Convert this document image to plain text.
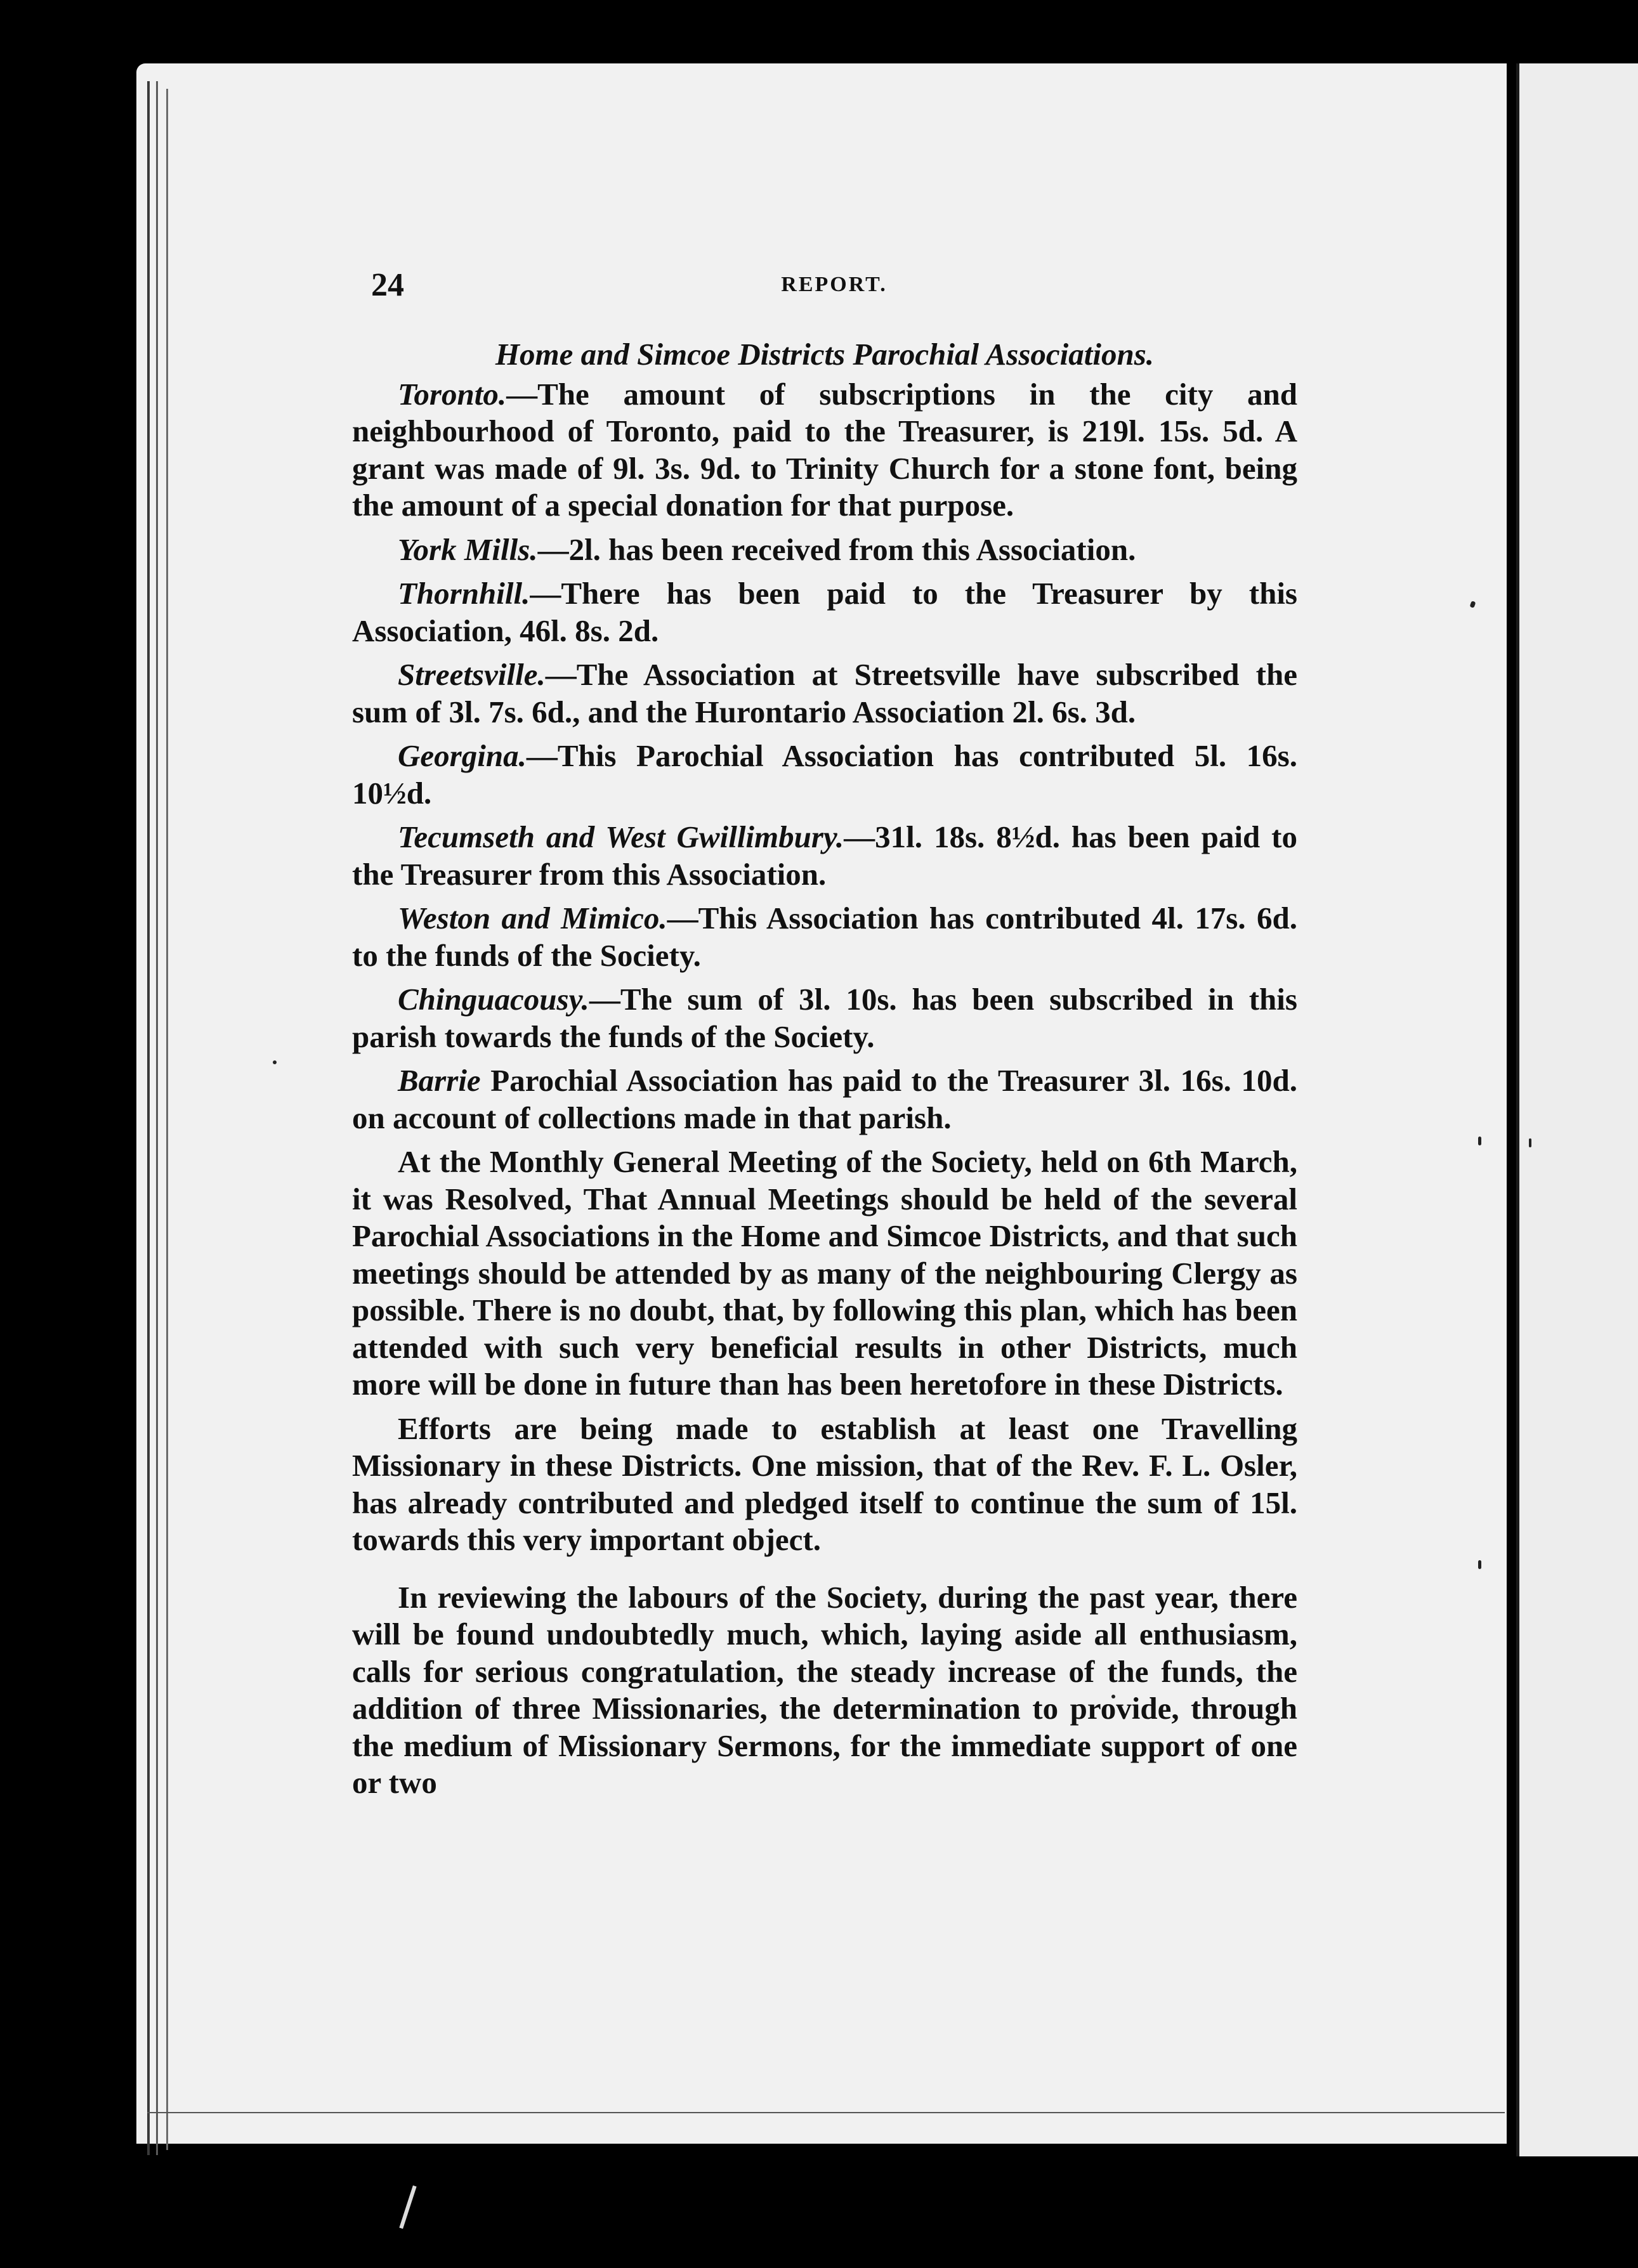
24	REPORT.
Home and Simcoe Districts Parochial Associations.

Toronto.—The amount of subscriptions in the city and neighbourhood of Toronto, paid to the Treasurer, is 219l. 15s. 5d. A grant was made of 9l. 3s. 9d. to Trinity Church for a stone font, being the amount of a special donation for that purpose.

York Mills.—2l. has been received from this Association.

Thornhill.—There has been paid to the Treasurer by this Association, 46l. 8s. 2d.

Streetsville.—The Association at Streetsville have subscribed the sum of 3l. 7s. 6d., and the Hurontario Association 2l. 6s. 3d.

Georgina.—This Parochial Association has contributed 5l. 16s. 10½d.

Tecumseth and West Gwillimbury.—31l. 18s. 8½d. has been paid to the Treasurer from this Association.

Weston and Mimico.—This Association has contributed 4l. 17s. 6d. to the funds of the Society.

Chinguacousy.—The sum of 3l. 10s. has been subscribed in this parish towards the funds of the Society.

Barrie Parochial Association has paid to the Treasurer 3l. 16s. 10d. on account of collections made in that parish.

At the Monthly General Meeting of the Society, held on 6th March, it was Resolved, That Annual Meetings should be held of the several Parochial Associations in the Home and Simcoe Districts, and that such meetings should be attended by as many of the neighbouring Clergy as possible. There is no doubt, that, by following this plan, which has been attended with such very beneficial results in other Districts, much more will be done in future than has been heretofore in these Districts.

Efforts are being made to establish at least one Travelling Missionary in these Districts. One mission, that of the Rev. F. L. Osler, has already contributed and pledged itself to continue the sum of 15l. towards this very important object.

In reviewing the labours of the Society, during the past year, there will be found undoubtedly much, which, laying aside all enthusiasm, calls for serious congratulation, the steady increase of the funds, the addition of three Missionaries, the determination to provide, through the medium of Missionary Sermons, for the immediate support of one or two
